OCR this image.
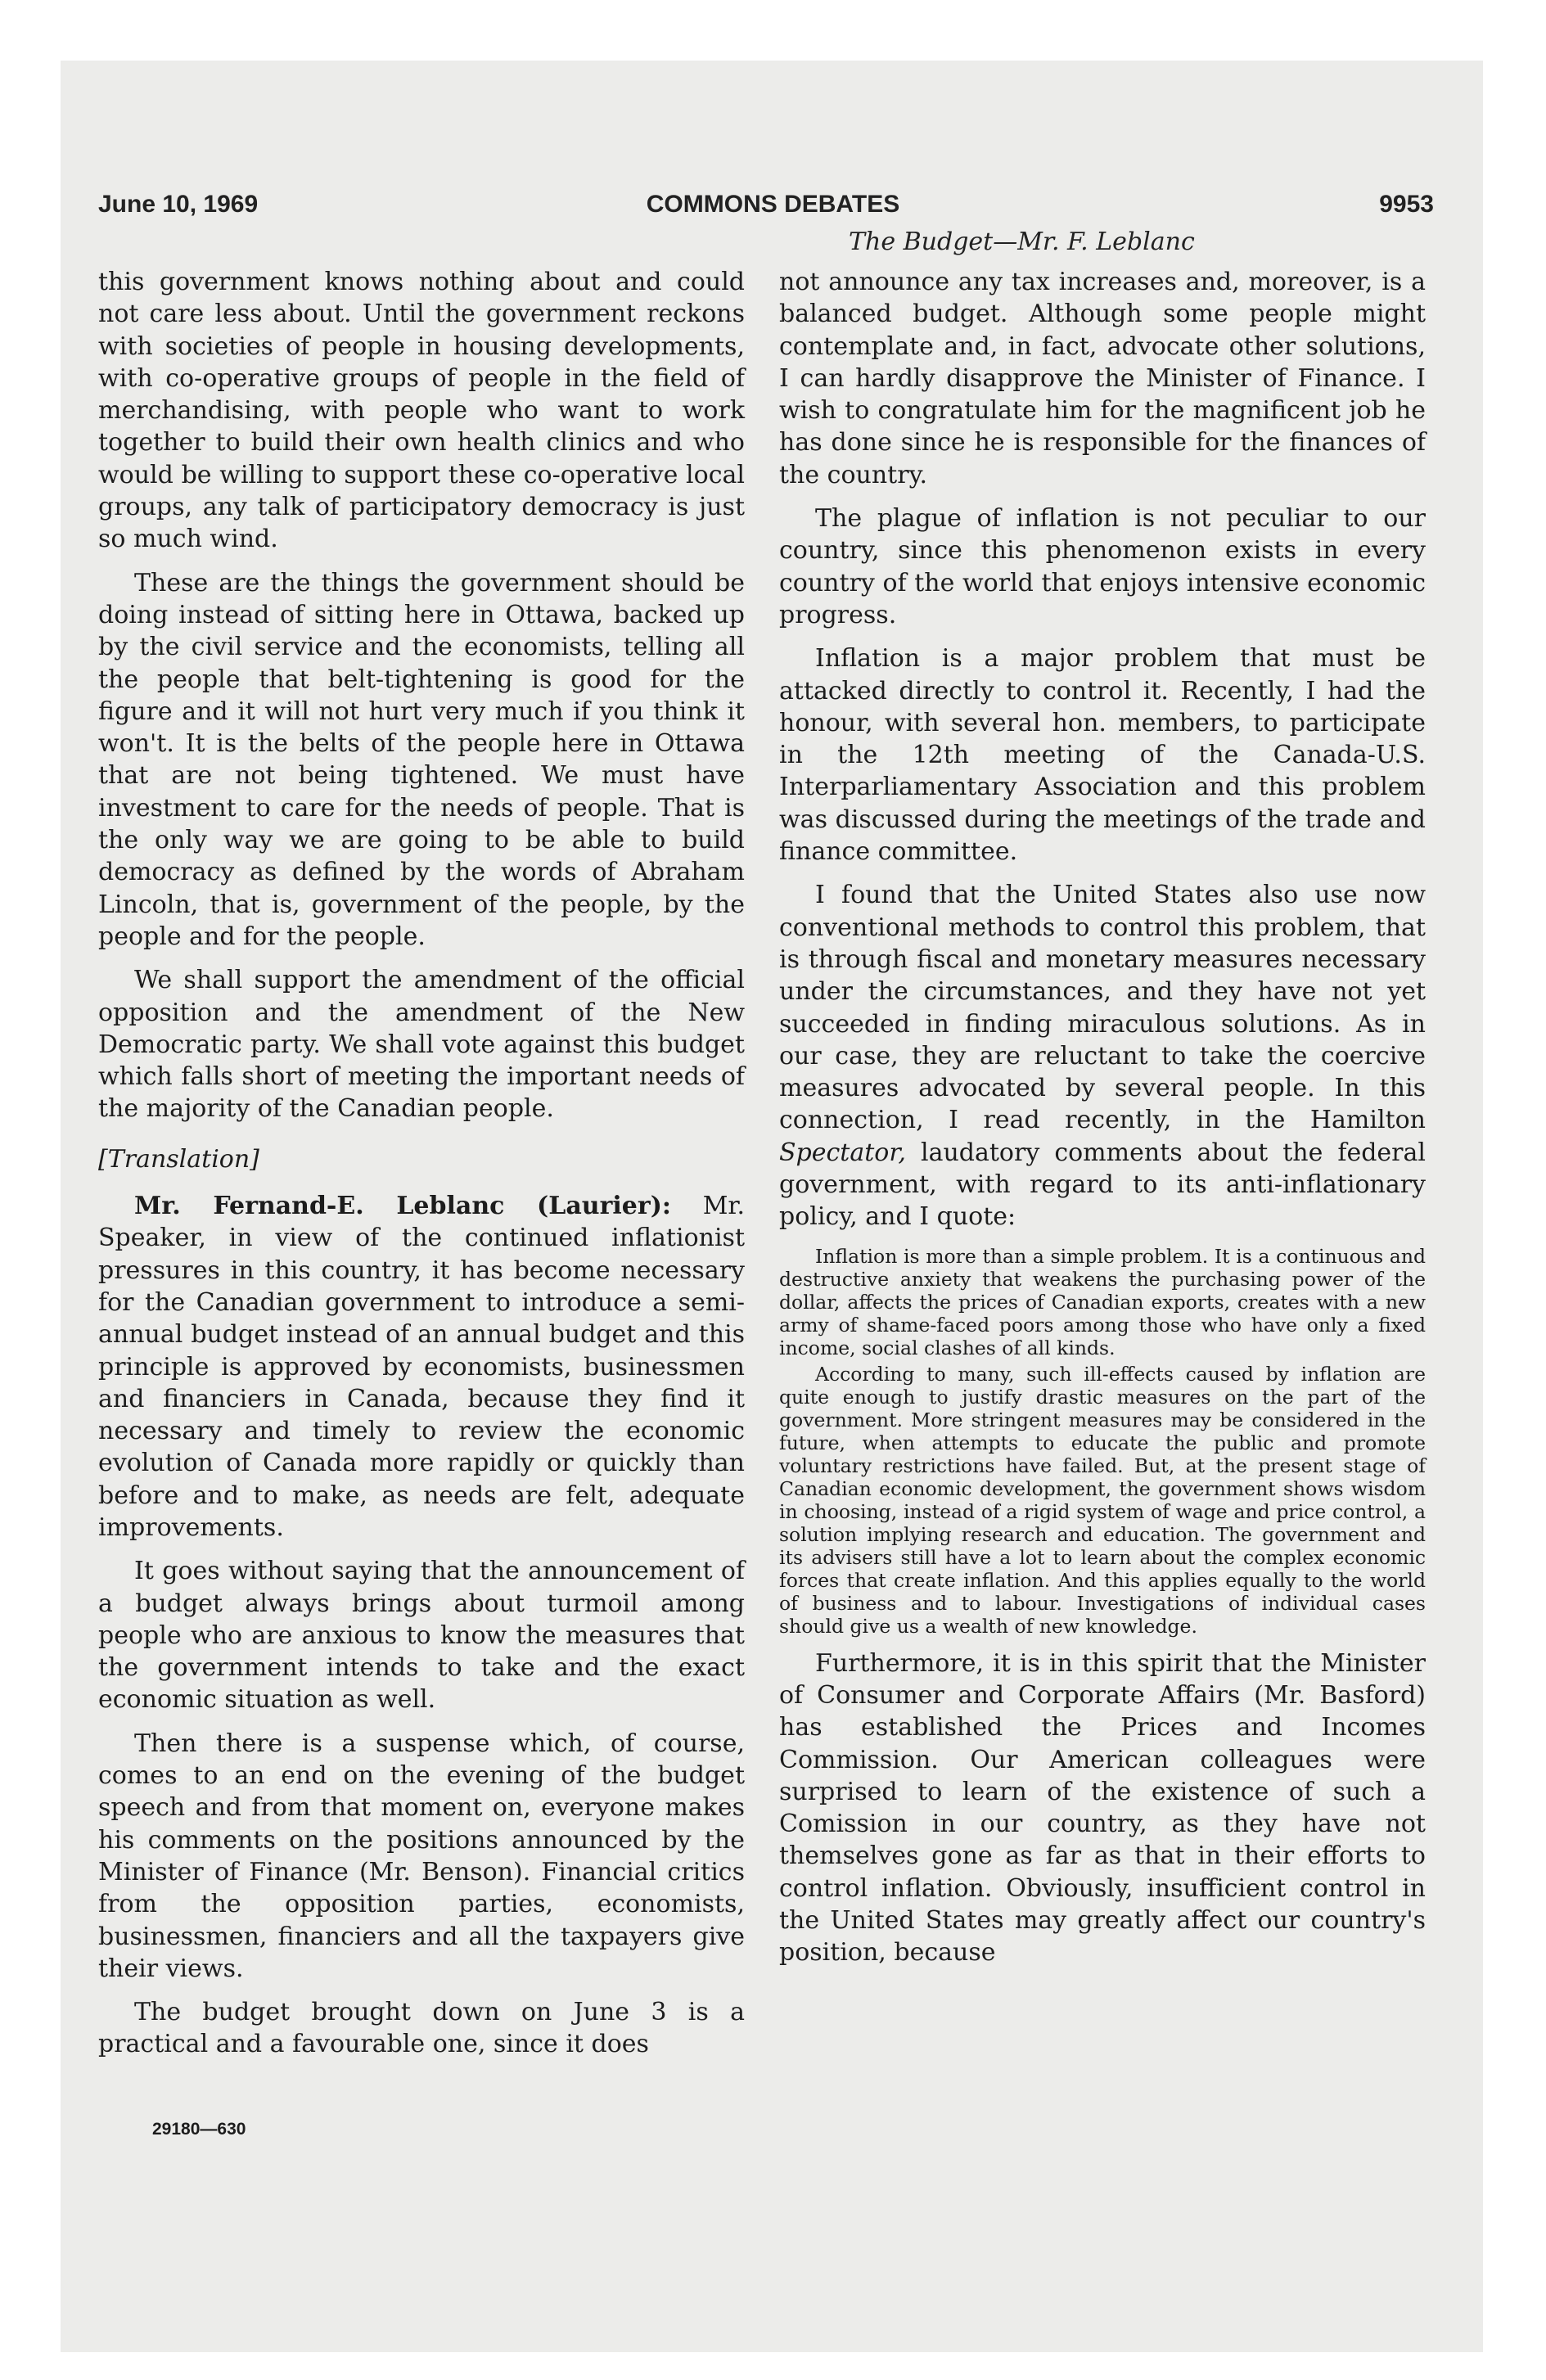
June 10, 1969	COMMONS DEBATES	9953
The Budget—Mr. F. Leblanc

this government knows nothing about and could not care less about. Until the government reckons with societies of people in housing developments, with co-operative groups of people in the field of merchandising, with people who want to work together to build their own health clinics and who would be willing to support these co-operative local groups, any talk of participatory democracy is just so much wind.

These are the things the government should be doing instead of sitting here in Ottawa, backed up by the civil service and the economists, telling all the people that belt-tightening is good for the figure and it will not hurt very much if you think it won't. It is the belts of the people here in Ottawa that are not being tightened. We must have investment to care for the needs of people. That is the only way we are going to be able to build democracy as defined by the words of Abraham Lincoln, that is, government of the people, by the people and for the people.

We shall support the amendment of the official opposition and the amendment of the New Democratic party. We shall vote against this budget which falls short of meeting the important needs of the majority of the Canadian people.

[Translation]

Mr. Fernand-E. Leblanc (Laurier): Mr. Speaker, in view of the continued inflationist pressures in this country, it has become necessary for the Canadian government to introduce a semi-annual budget instead of an annual budget and this principle is approved by economists, businessmen and financiers in Canada, because they find it necessary and timely to review the economic evolution of Canada more rapidly or quickly than before and to make, as needs are felt, adequate improvements.

It goes without saying that the announcement of a budget always brings about turmoil among people who are anxious to know the measures that the government intends to take and the exact economic situation as well.

Then there is a suspense which, of course, comes to an end on the evening of the budget speech and from that moment on, everyone makes his comments on the positions announced by the Minister of Finance (Mr. Benson). Financial critics from the opposition parties, economists, businessmen, financiers and all the taxpayers give their views.

The budget brought down on June 3 is a practical and a favourable one, since it does

not announce any tax increases and, moreover, is a balanced budget. Although some people might contemplate and, in fact, advocate other solutions, I can hardly disapprove the Minister of Finance. I wish to congratulate him for the magnificent job he has done since he is responsible for the finances of the country.

The plague of inflation is not peculiar to our country, since this phenomenon exists in every country of the world that enjoys intensive economic progress.

Inflation is a major problem that must be attacked directly to control it. Recently, I had the honour, with several hon. members, to participate in the 12th meeting of the Canada-U.S. Interparliamentary Association and this problem was discussed during the meetings of the trade and finance committee.

I found that the United States also use now conventional methods to control this problem, that is through fiscal and monetary measures necessary under the circumstances, and they have not yet succeeded in finding miraculous solutions. As in our case, they are reluctant to take the coercive measures advocated by several people. In this connection, I read recently, in the Hamilton Spectator, laudatory comments about the federal government, with regard to its anti-inflationary policy, and I quote:

Inflation is more than a simple problem. It is a continuous and destructive anxiety that weakens the purchasing power of the dollar, affects the prices of Canadian exports, creates with a new army of shame-faced poors among those who have only a fixed income, social clashes of all kinds.

According to many, such ill-effects caused by inflation are quite enough to justify drastic measures on the part of the government. More stringent measures may be considered in the future, when attempts to educate the public and promote voluntary restrictions have failed. But, at the present stage of Canadian economic development, the government shows wisdom in choosing, instead of a rigid system of wage and price control, a solution implying research and education. The government and its advisers still have a lot to learn about the complex economic forces that create inflation. And this applies equally to the world of business and to labour. Investigations of individual cases should give us a wealth of new knowledge.

Furthermore, it is in this spirit that the Minister of Consumer and Corporate Affairs (Mr. Basford) has established the Prices and Incomes Commission. Our American colleagues were surprised to learn of the existence of such a Comission in our country, as they have not themselves gone as far as that in their efforts to control inflation. Obviously, insufficient control in the United States may greatly affect our country's position, because

29180—630
